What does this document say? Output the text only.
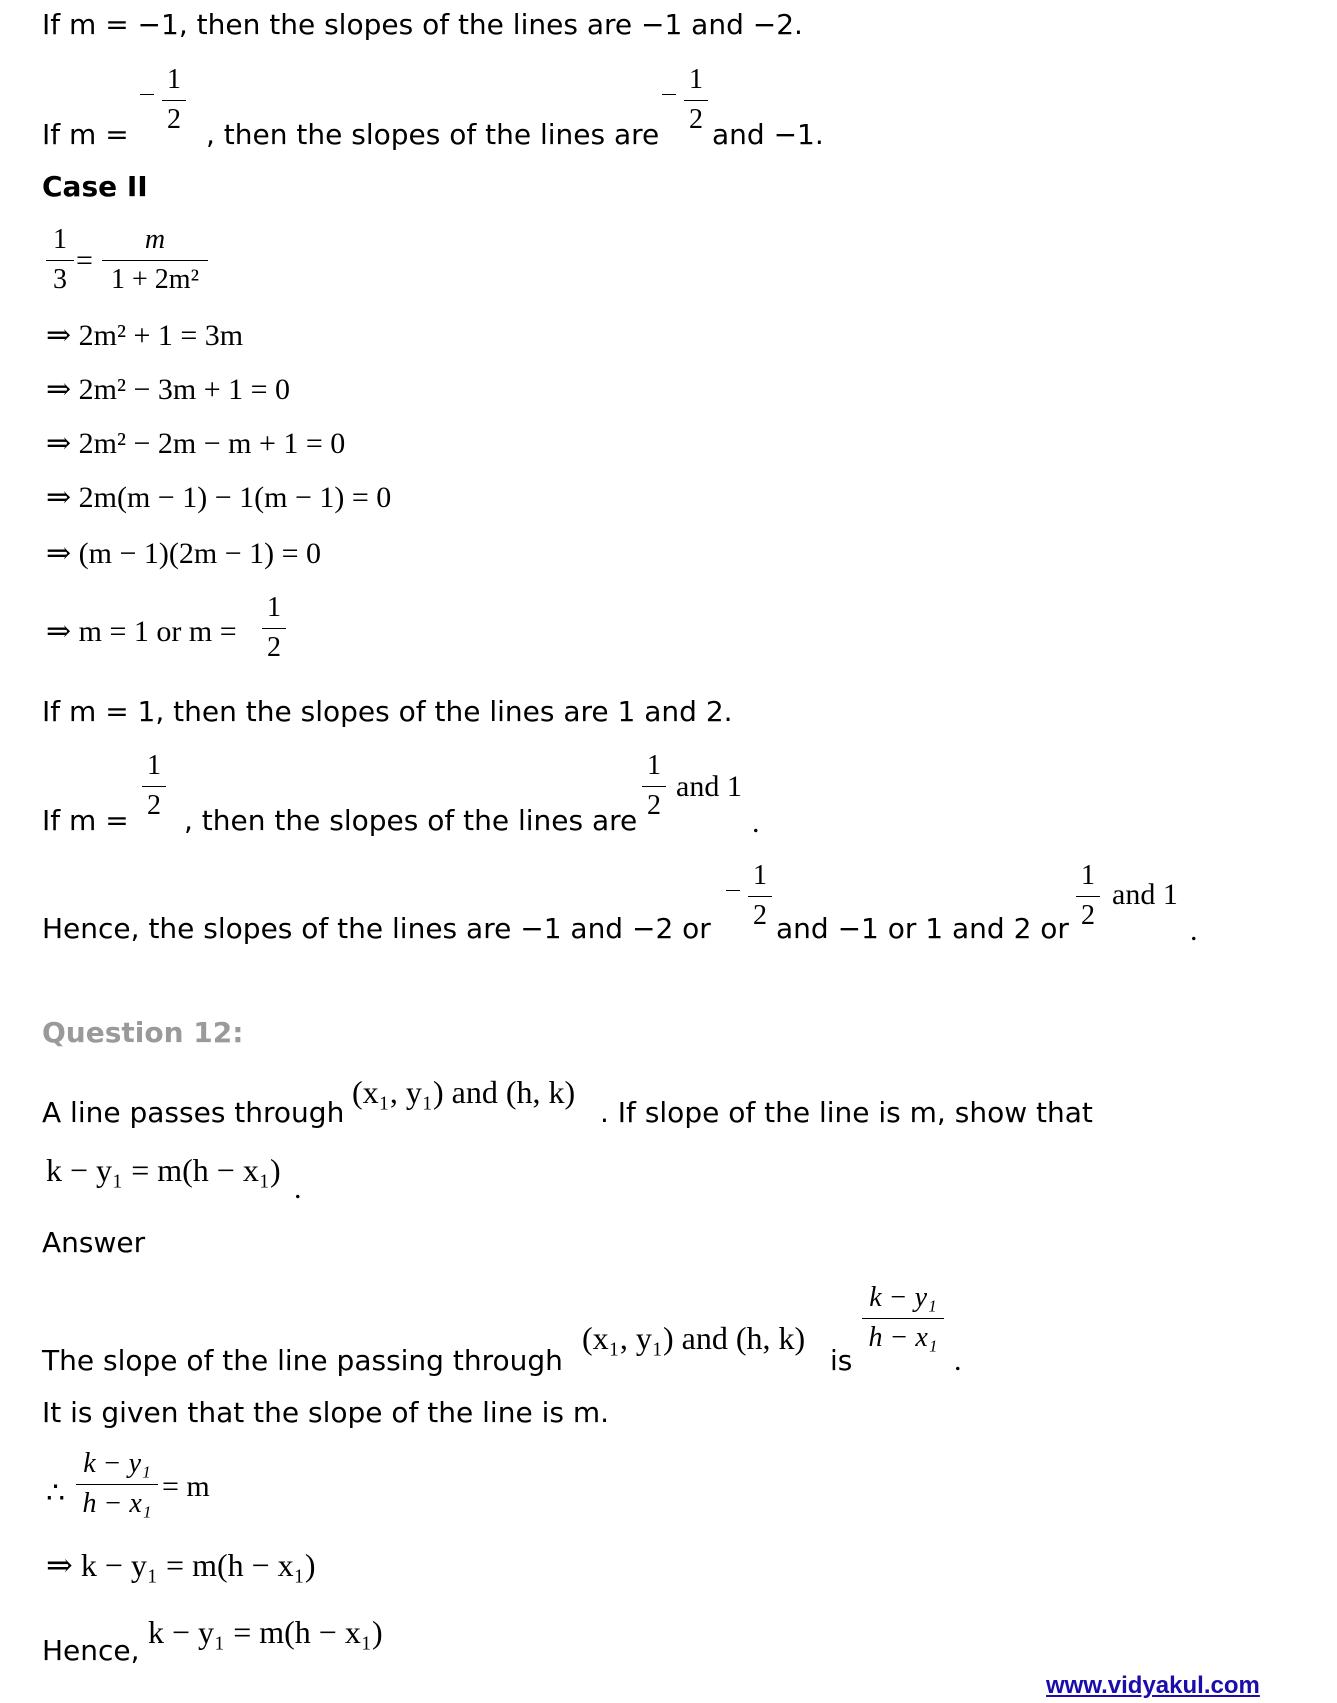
If m = −1, then the slopes of the lines are −1 and −2.
If m =
1
2 , then the slopes of the lines are
1
2 and −1.
Case II
1
3
=
m
1 + 2m²
⇒ 2m² + 1 = 3m
⇒ 2m² − 3m + 1 = 0
⇒ 2m² − 2m − m + 1 = 0
⇒ 2m(m − 1) − 1(m − 1) = 0
⇒ (m − 1)(2m − 1) = 0
⇒ m = 1 or m =
1
2
If m = 1, then the slopes of the lines are 1 and 2.
If m =
1
2 , then the slopes of the lines are
1
2
and 1
.
Hence, the slopes of the lines are −1 and −2 or
1
2 and −1 or 1 and 2 or
1
2
and 1
.
Question 12:
A line passes through
(x₁, y₁) and (h, k)
. If slope of the line is m, show that
k − y₁ = m(h − x₁)
.
Answer
The slope of the line passing through
(x₁, y₁) and (h, k)
is
k − y₁
h − x₁
.
It is given that the slope of the line is m.
∴
k − y₁
h − x₁
= m
⇒ k − y₁ = m(h − x₁)
Hence,
k − y₁ = m(h − x₁)
www.vidyakul.com
